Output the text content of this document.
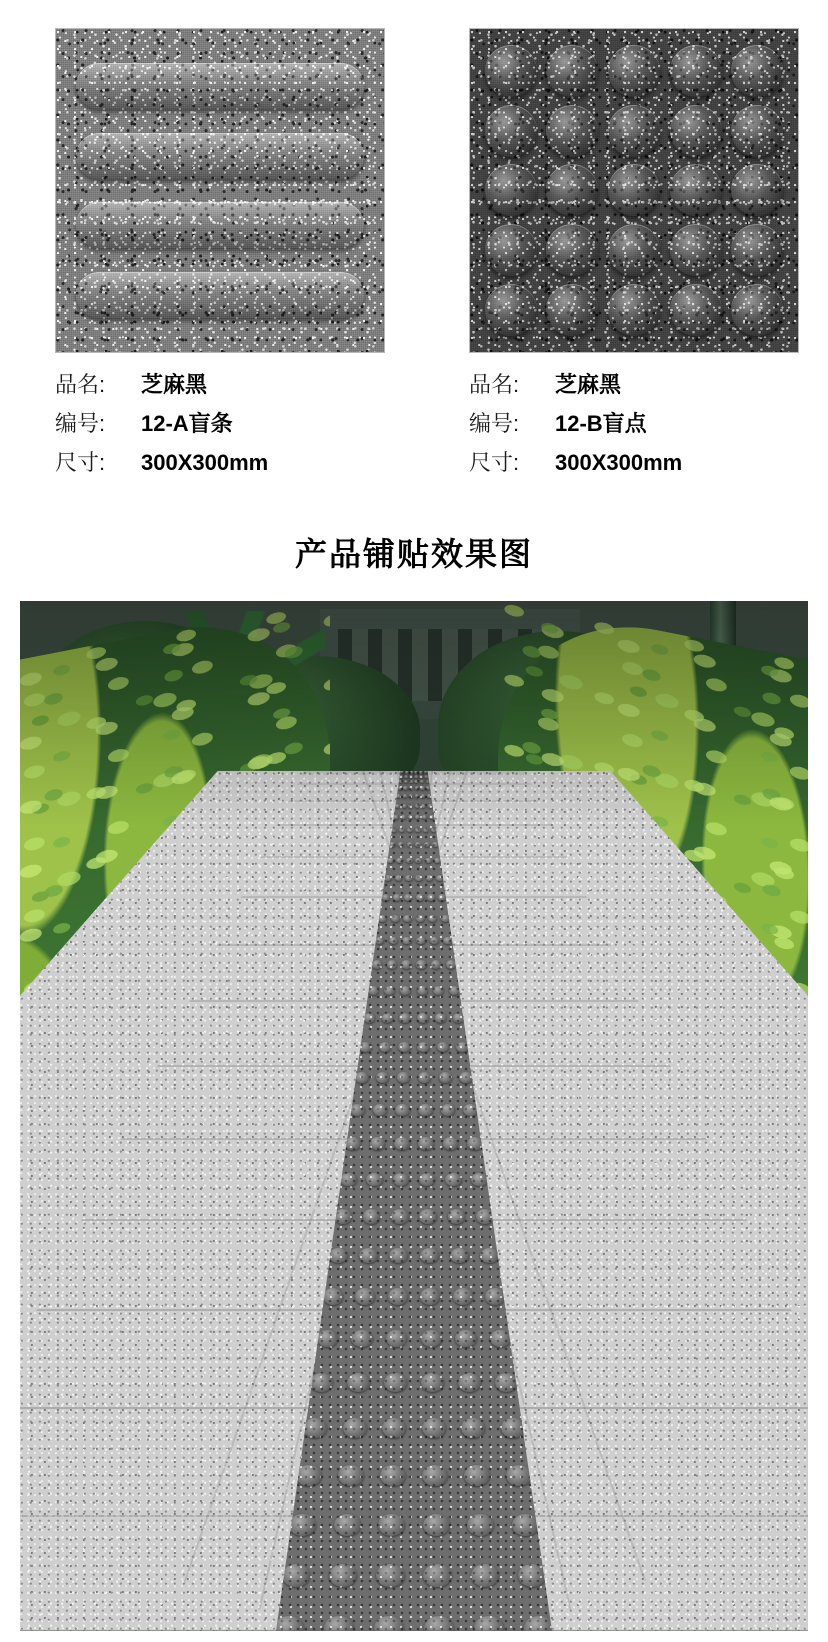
品名:	芝麻黑
编号:	12-A盲条
尺寸:	300X300mm
品名:	芝麻黑
编号:	12-B盲点
尺寸:	300X300mm
产品铺贴效果图
